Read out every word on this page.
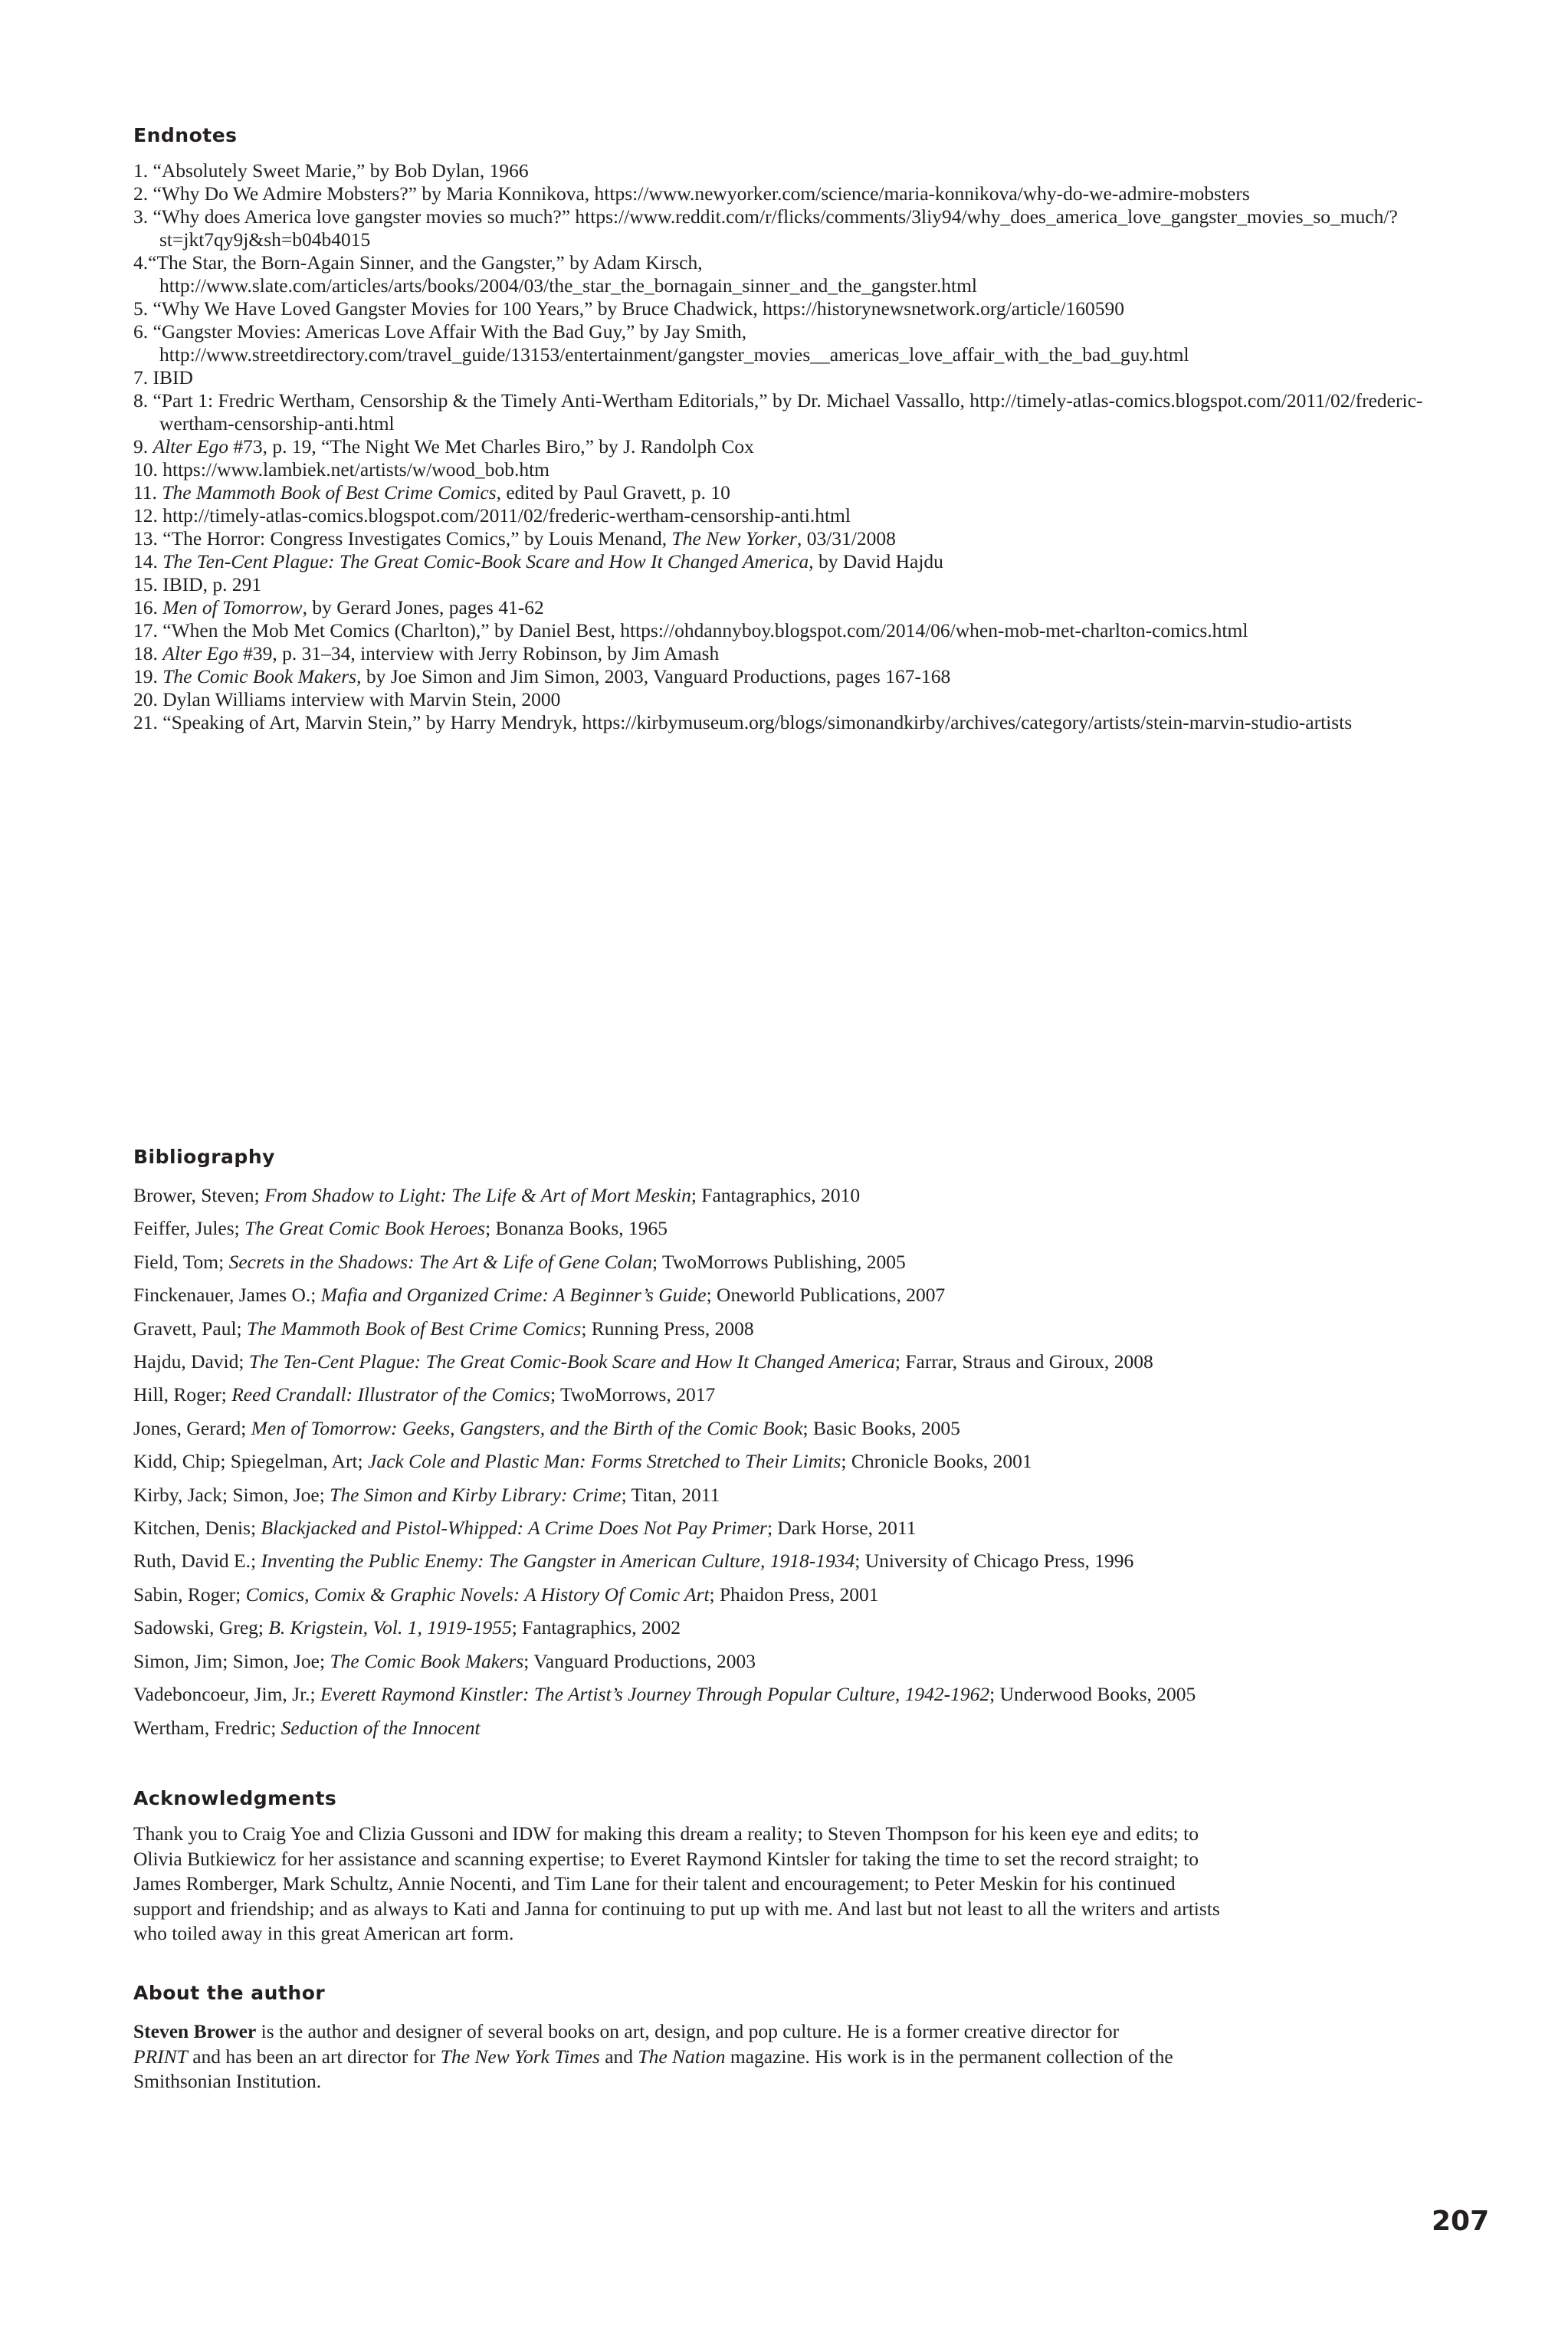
Endnotes
1. “Absolutely Sweet Marie,” by Bob Dylan, 1966
2. “Why Do We Admire Mobsters?” by Maria Konnikova, https://www.newyorker.com/science/maria-konnikova/why-do-we-admire-mobsters
3. “Why does America love gangster movies so much?” https://www.reddit.com/r/flicks/comments/3liy94/why_does_america_love_gangster_movies_so_much/?st=jkt7qy9j&sh=b04b4015
4.“The Star, the Born-Again Sinner, and the Gangster,” by Adam Kirsch, http://www.slate.com/articles/arts/books/2004/03/the_star_the_bornagain_sinner_and_the_gangster.html
5. “Why We Have Loved Gangster Movies for 100 Years,” by Bruce Chadwick, https://historynewsnetwork.org/article/160590
6. “Gangster Movies: Americas Love Affair With the Bad Guy,” by Jay Smith, http://www.streetdirectory.com/travel_guide/13153/entertainment/gangster_movies__americas_love_affair_with_the_bad_guy.html
7. IBID
8. “Part 1: Fredric Wertham, Censorship & the Timely Anti-Wertham Editorials,” by Dr. Michael Vassallo, http://timely-atlas-comics.blogspot.com/2011/02/frederic-wertham-censorship-anti.html
9. Alter Ego #73, p. 19, “The Night We Met Charles Biro,” by J. Randolph Cox
10. https://www.lambiek.net/artists/w/wood_bob.htm
11. The Mammoth Book of Best Crime Comics, edited by Paul Gravett, p. 10
12. http://timely-atlas-comics.blogspot.com/2011/02/frederic-wertham-censorship-anti.html
13. “The Horror: Congress Investigates Comics,” by Louis Menand, The New Yorker, 03/31/2008
14. The Ten-Cent Plague: The Great Comic-Book Scare and How It Changed America, by David Hajdu
15. IBID, p. 291
16. Men of Tomorrow, by Gerard Jones, pages 41-62
17. “When the Mob Met Comics (Charlton),” by Daniel Best, https://ohdannyboy.blogspot.com/2014/06/when-mob-met-charlton-comics.html
18. Alter Ego #39, p. 31–34, interview with Jerry Robinson, by Jim Amash
19. The Comic Book Makers, by Joe Simon and Jim Simon, 2003, Vanguard Productions, pages 167-168
20. Dylan Williams interview with Marvin Stein, 2000
21. “Speaking of Art, Marvin Stein,” by Harry Mendryk, https://kirbymuseum.org/blogs/simonandkirby/archives/category/artists/stein-marvin-studio-artists
Bibliography
Brower, Steven; From Shadow to Light: The Life & Art of Mort Meskin; Fantagraphics, 2010
Feiffer, Jules; The Great Comic Book Heroes; Bonanza Books, 1965
Field, Tom; Secrets in the Shadows: The Art & Life of Gene Colan; TwoMorrows Publishing, 2005
Finckenauer, James O.; Mafia and Organized Crime: A Beginner’s Guide; Oneworld Publications, 2007
Gravett, Paul; The Mammoth Book of Best Crime Comics; Running Press, 2008
Hajdu, David; The Ten-Cent Plague: The Great Comic-Book Scare and How It Changed America; Farrar, Straus and Giroux, 2008
Hill, Roger; Reed Crandall: Illustrator of the Comics; TwoMorrows, 2017
Jones, Gerard; Men of Tomorrow: Geeks, Gangsters, and the Birth of the Comic Book; Basic Books, 2005
Kidd, Chip; Spiegelman, Art; Jack Cole and Plastic Man: Forms Stretched to Their Limits; Chronicle Books, 2001
Kirby, Jack; Simon, Joe; The Simon and Kirby Library: Crime; Titan, 2011
Kitchen, Denis; Blackjacked and Pistol-Whipped: A Crime Does Not Pay Primer; Dark Horse, 2011
Ruth, David E.; Inventing the Public Enemy: The Gangster in American Culture, 1918-1934; University of Chicago Press, 1996
Sabin, Roger; Comics, Comix & Graphic Novels: A History Of Comic Art; Phaidon Press, 2001
Sadowski, Greg; B. Krigstein, Vol. 1, 1919-1955; Fantagraphics, 2002
Simon, Jim; Simon, Joe; The Comic Book Makers; Vanguard Productions, 2003
Vadeboncoeur, Jim, Jr.; Everett Raymond Kinstler: The Artist’s Journey Through Popular Culture, 1942-1962; Underwood Books, 2005
Wertham, Fredric; Seduction of the Innocent
Acknowledgments

Thank you to Craig Yoe and Clizia Gussoni and IDW for making this dream a reality; to Steven Thompson for his keen eye and edits; to Olivia Butkiewicz for her assistance and scanning expertise; to Everet Raymond Kintsler for taking the time to set the record straight; to James Romberger, Mark Schultz, Annie Nocenti, and Tim Lane for their talent and encouragement; to Peter Meskin for his continued support and friendship; and as always to Kati and Janna for continuing to put up with me. And last but not least to all the writers and artists who toiled away in this great American art form.

About the author

Steven Brower is the author and designer of several books on art, design, and pop culture. He is a former creative director for PRINT and has been an art director for The New York Times and The Nation magazine. His work is in the permanent collection of the Smithsonian Institution.

207
